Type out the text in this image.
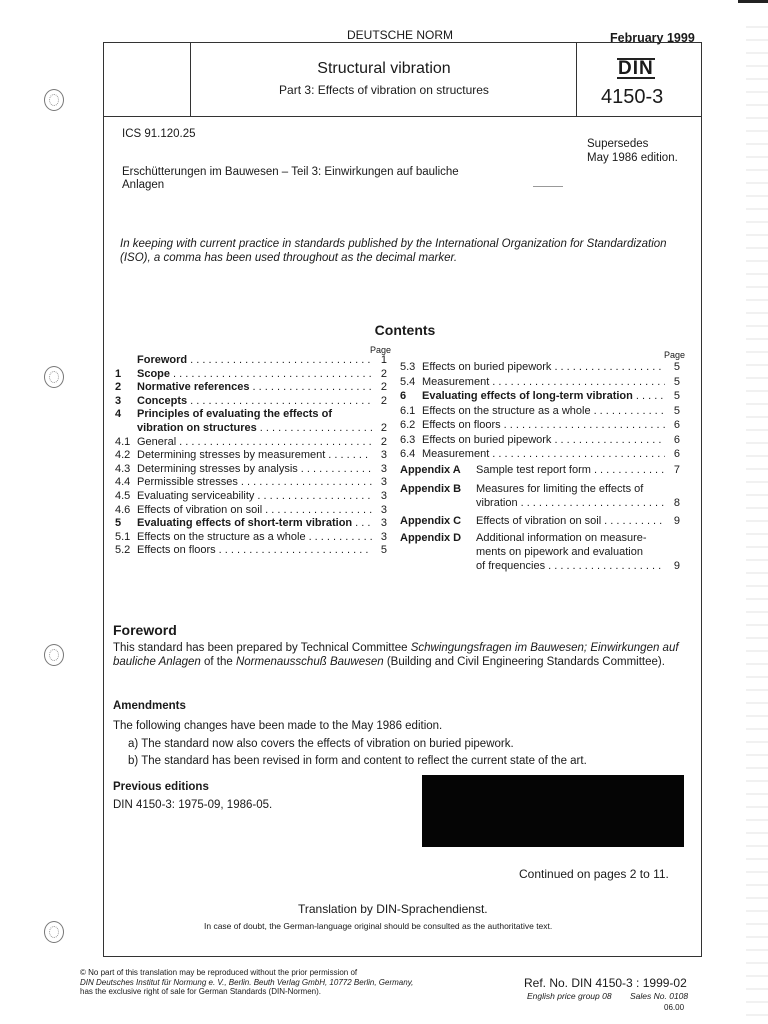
DEUTSCHE NORM	February 1999
Structural vibration
Part 3: Effects of vibration on structures
DIN
4150-3
ICS 91.120.25
Supersedes
May 1986 edition.
Erschütterungen im Bauwesen – Teil 3: Einwirkungen auf bauliche Anlagen
In keeping with current practice in standards published by the International Organization for Standardization (ISO), a comma has been used throughout as the decimal marker.
Contents
Page	Page
Foreword . . .	1
1	Scope . . .	2
2	Normative references . . .	2
3	Concepts . . .	2
4	Principles of evaluating the effects of
vibration on structures . . .	2
4.1 General . . .	2
4.2 Determining stresses by measurement . . .	3
4.3 Determining stresses by analysis . . .	3
4.4 Permissible stresses . . .	3
4.5 Evaluating serviceability . . .	3
4.6 Effects of vibration on soil . . .	3
5	Evaluating effects of short-term vibration . . .	3
5.1 Effects on the structure as a whole . . .	3
5.2 Effects on floors . . .	5
5.3 Effects on buried pipework . . .	5
5.4 Measurement . . .	5
6	Evaluating effects of long-term vibration . . .	5
6.1 Effects on the structure as a whole . . .	5
6.2 Effects on floors . . .	6
6.3 Effects on buried pipework . . .	6
6.4 Measurement . . .	6
Appendix A	Sample test report form . . .	7
Appendix B	Measures for limiting the effects of
vibration . . .	8
Appendix C	Effects of vibration on soil . . .	9
Appendix D	Additional information on measure-
ments on pipework and evaluation
of frequencies . . .	9
Foreword
This standard has been prepared by Technical Committee Schwingungsfragen im Bauwesen; Einwirkungen auf bauliche Anlagen of the Normenausschuß Bauwesen (Building and Civil Engineering Standards Committee).
Amendments
The following changes have been made to the May 1986 edition.
a) The standard now also covers the effects of vibration on buried pipework.
b) The standard has been revised in form and content to reflect the current state of the art.
Previous editions
DIN 4150-3: 1975-09, 1986-05.
Continued on pages 2 to 11.
Translation by DIN-Sprachendienst.
In case of doubt, the German-language original should be consulted as the authoritative text.
© No part of this translation may be reproduced without the prior permission of
DIN Deutsches Institut für Normung e. V., Berlin. Beuth Verlag GmbH, 10772 Berlin, Germany,
has the exclusive right of sale for German Standards (DIN-Normen).
Ref. No. DIN 4150-3 : 1999-02
English price group 08 Sales No. 0108
06.00
